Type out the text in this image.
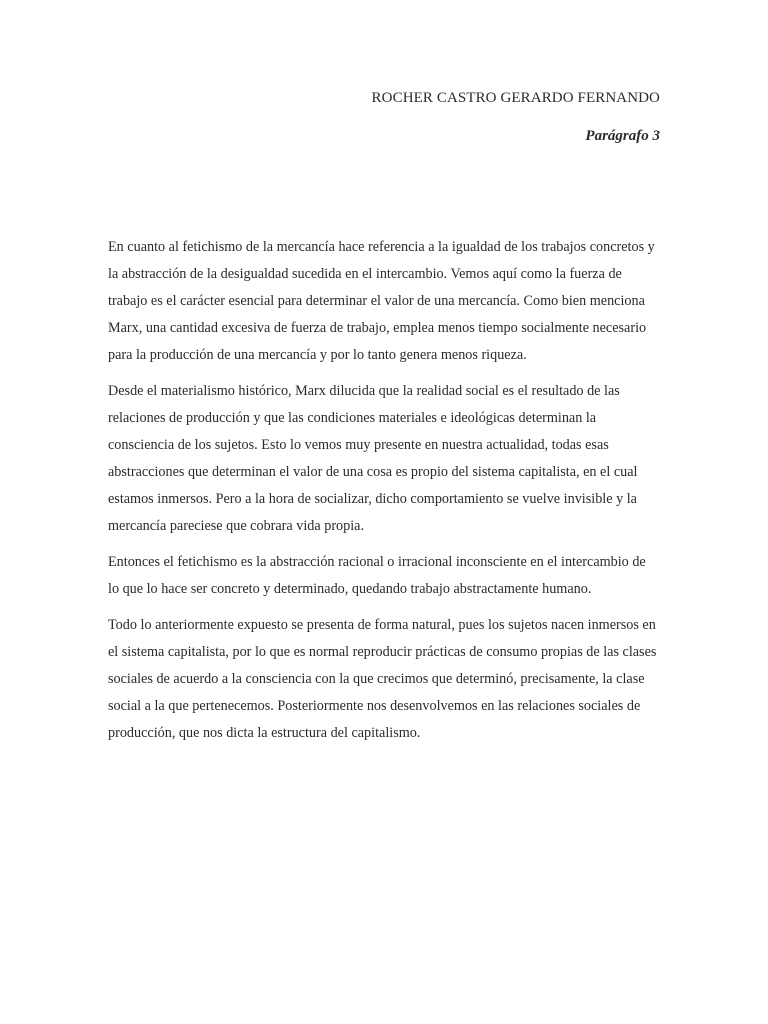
ROCHER CASTRO GERARDO FERNANDO
Parágrafo 3

En cuanto al fetichismo de la mercancía hace referencia a la igualdad de los trabajos concretos y la abstracción de la desigualdad sucedida en el intercambio. Vemos aquí como la fuerza de trabajo es el carácter esencial para determinar el valor de una mercancía. Como bien menciona Marx, una cantidad excesiva de fuerza de trabajo, emplea menos tiempo socialmente necesario para la producción de una mercancía y por lo tanto genera menos riqueza.

Desde el materialismo histórico, Marx dilucida que la realidad social es el resultado de las relaciones de producción y que las condiciones materiales e ideológicas determinan la consciencia de los sujetos. Esto lo vemos muy presente en nuestra actualidad, todas esas abstracciones que determinan el valor de una cosa es propio del sistema capitalista, en el cual estamos inmersos. Pero a la hora de socializar, dicho comportamiento se vuelve invisible y la mercancía pareciese que cobrara vida propia.

Entonces el fetichismo es la abstracción racional o irracional inconsciente en el intercambio de lo que lo hace ser concreto y determinado, quedando trabajo abstractamente humano.

Todo lo anteriormente expuesto se presenta de forma natural, pues los sujetos nacen inmersos en el sistema capitalista, por lo que es normal reproducir prácticas de consumo propias de las clases sociales de acuerdo a la consciencia con la que crecimos que determinó, precisamente, la clase social a la que pertenecemos. Posteriormente nos desenvolvemos en las relaciones sociales de producción, que nos dicta la estructura del capitalismo.
